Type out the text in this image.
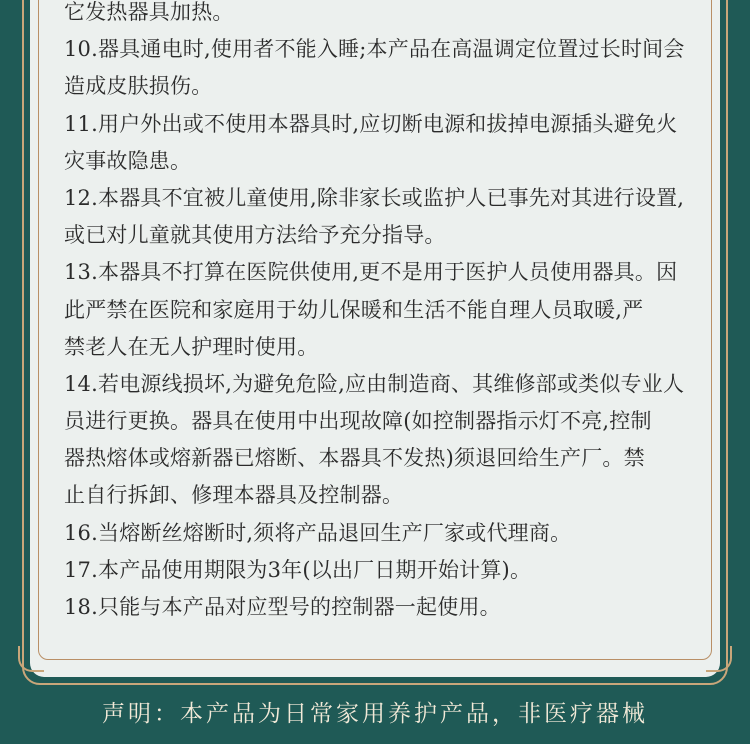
它发热器具加热。
10.器具通电时,使用者不能入睡;本产品在高温调定位置过长时间会
造成皮肤损伤。
11.用户外出或不使用本器具时,应切断电源和拔掉电源插头避免火
灾事故隐患。
12.本器具不宜被儿童使用,除非家长或监护人已事先对其进行设置,
或已对儿童就其使用方法给予充分指导。
13.本器具不打算在医院供使用,更不是用于医护人员使用器具。因
此严禁在医院和家庭用于幼儿保暖和生活不能自理人员取暖,严
禁老人在无人护理时使用。
14.若电源线损坏,为避免危险,应由制造商、其维修部或类似专业人
员进行更换。器具在使用中出现故障(如控制器指示灯不亮,控制
器热熔体或熔新器已熔断、本器具不发热)须退回给生产厂。禁
止自行拆卸、修理本器具及控制器。
16.当熔断丝熔断时,须将产品退回生产厂家或代理商。
17.本产品使用期限为3年(以出厂日期开始计算)。
18.只能与本产品对应型号的控制器一起使用。
声明：本产品为日常家用养护产品，非医疗器械
